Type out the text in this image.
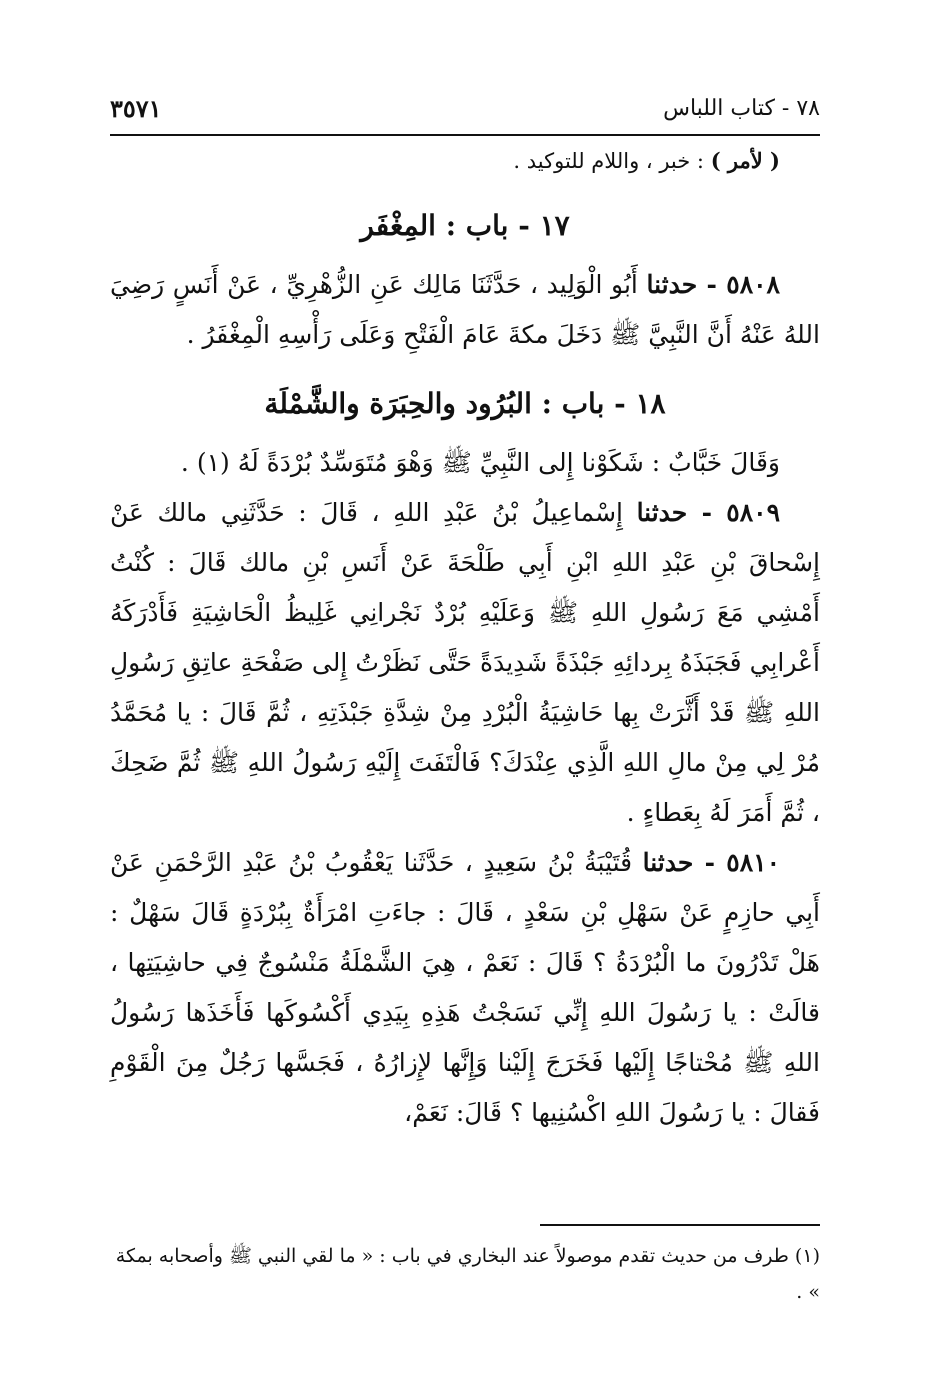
٧٨ - كتاب اللباس
٣٥٧١

( لأمر ) : خبر ، واللام للتوكيد .

١٧ - باب : المِغْفَر

٥٨٠٨ - حدثنا أَبُو الْوَلِيد ، حَدَّثَنَا مَالِك عَنِ الزُّهْرِيِّ ، عَنْ أَنَسٍ رَضِيَ اللهُ عَنْهُ أَنَّ النَّبِيَّ ﷺ دَخَلَ مكةَ عَامَ الْفَتْحِ وَعَلَى رَأْسِهِ الْمِغْفَرُ .

١٨ - باب : البُرُود والحِبَرَة والشَّمْلَة

وَقَالَ خَبَّابٌ : شَكَوْنا إِلى النَّبِيِّ ﷺ وَهْوَ مُتَوَسِّدٌ بُرْدَةً لَهُ (١) .

٥٨٠٩ - حدثنا إِسْماعِيلُ بْنُ عَبْدِ اللهِ ، قَالَ : حَدَّثَنِي مالك عَنْ إِسْحاقَ بْنِ عَبْدِ اللهِ ابْنِ أَبِي طَلْحَةَ عَنْ أَنَسِ بْنِ مالك قَالَ : كُنْتُ أَمْشِي مَعَ رَسُولِ اللهِ ﷺ وَعَلَيْهِ بُرْدٌ نَجْرانِي غَلِيظُ الْحَاشِيَةِ فَأَدْرَكَهُ أَعْرابِي فَجَبَذَهُ بِردائِهِ جَبْذَةً شَدِيدَةً حَتَّى نَظَرْتُ إِلى صَفْحَةِ عاتِقِ رَسُولِ اللهِ ﷺ قَدْ أَثَّرَتْ بِها حَاشِيَةُ الْبُرْدِ مِنْ شِدَّةِ جَبْذَتِهِ ، ثُمَّ قَالَ : يا مُحَمَّدُ مُرْ لِي مِنْ مالِ اللهِ الَّذِي عِنْدَكَ؟ فَالْتَفَتَ إِلَيْهِ رَسُولُ اللهِ ﷺ ثُمَّ ضَحِكَ ، ثُمَّ أَمَرَ لَهُ بِعَطاءٍ .

٥٨١٠ - حدثنا قُتَيْبَةُ بْنُ سَعِيدٍ ، حَدَّثَنا يَعْقُوبُ بْنُ عَبْدِ الرَّحْمَنِ عَنْ أَبِي حازِمٍ عَنْ سَهْلِ بْنِ سَعْدٍ ، قَالَ : جاءَتِ امْرَأَةٌ بِبُرْدَةٍ قَالَ سَهْلٌ : هَلْ تَدْرُونَ ما الْبُرْدَةُ ؟ قَالَ : نَعَمْ ، هِيَ الشَّمْلَةُ مَنْسُوجٌ فِي حاشِيَتِها ، قالَتْ : يا رَسُولَ اللهِ إِنِّي نَسَجْتُ هَذِهِ بِيَدِي أَكْسُوكَها فَأَخَذَها رَسُولُ اللهِ ﷺ مُحْتاجًا إِلَيْها فَخَرَجَ إِلَيْنا وَإِنَّها لإِزارُهُ ، فَجَسَّها رَجُلٌ مِنَ الْقَوْمِ فَقالَ : يا رَسُولَ اللهِ اكْسُنِيها ؟ قَالَ: نَعَمْ،

(١) طرف من حديث تقدم موصولاً عند البخاري في باب : « ما لقي النبي ﷺ وأصحابه بمكة » .
